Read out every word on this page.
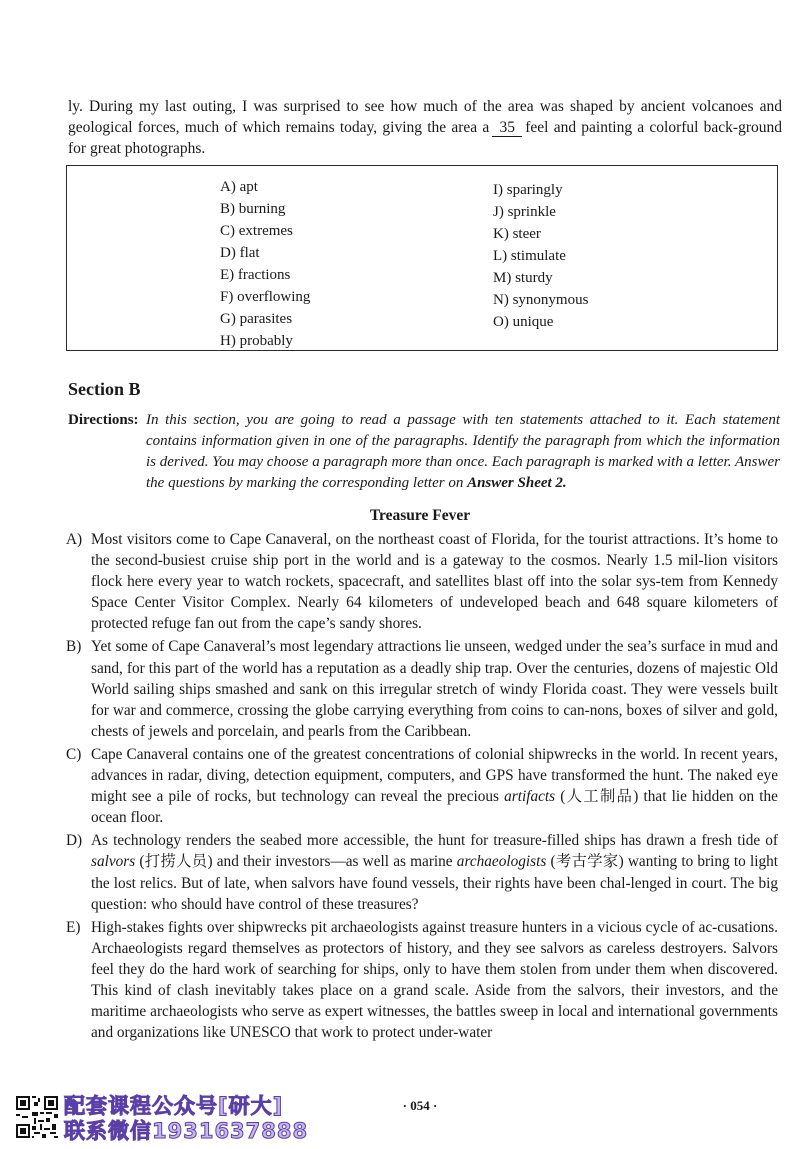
ly. During my last outing, I was surprised to see how much of the area was shaped by ancient volcanoes and geological forces, much of which remains today, giving the area a 35 feel and painting a colorful back-ground for great photographs.

A) apt
B) burning
C) extremes
D) flat
E) fractions
F) overflowing
G) parasites
H) probably
I) sparingly
J) sprinkle
K) steer
L) stimulate
M) sturdy
N) synonymous
O) unique
Section B
Directions: In this section, you are going to read a passage with ten statements attached to it. Each statement contains information given in one of the paragraphs. Identify the paragraph from which the information is derived. You may choose a paragraph more than once. Each paragraph is marked with a letter. Answer the questions by marking the corresponding letter on Answer Sheet 2.
Treasure Fever
A) Most visitors come to Cape Canaveral, on the northeast coast of Florida, for the tourist attractions. It’s home to the second-busiest cruise ship port in the world and is a gateway to the cosmos. Nearly 1.5 mil-lion visitors flock here every year to watch rockets, spacecraft, and satellites blast off into the solar sys-tem from Kennedy Space Center Visitor Complex. Nearly 64 kilometers of undeveloped beach and 648 square kilometers of protected refuge fan out from the cape’s sandy shores.
B) Yet some of Cape Canaveral’s most legendary attractions lie unseen, wedged under the sea’s surface in mud and sand, for this part of the world has a reputation as a deadly ship trap. Over the centuries, dozens of majestic Old World sailing ships smashed and sank on this irregular stretch of windy Florida coast. They were vessels built for war and commerce, crossing the globe carrying everything from coins to can-nons, boxes of silver and gold, chests of jewels and porcelain, and pearls from the Caribbean.
C) Cape Canaveral contains one of the greatest concentrations of colonial shipwrecks in the world. In recent years, advances in radar, diving, detection equipment, computers, and GPS have transformed the hunt. The naked eye might see a pile of rocks, but technology can reveal the precious artifacts (人工制品) that lie hidden on the ocean floor.
D) As technology renders the seabed more accessible, the hunt for treasure-filled ships has drawn a fresh tide of salvors (打捞人员) and their investors—as well as marine archaeologists (考古学家) wanting to bring to light the lost relics. But of late, when salvors have found vessels, their rights have been chal-lenged in court. The big question: who should have control of these treasures?
E) High-stakes fights over shipwrecks pit archaeologists against treasure hunters in a vicious cycle of ac-cusations. Archaeologists regard themselves as protectors of history, and they see salvors as careless destroyers. Salvors feel they do the hard work of searching for ships, only to have them stolen from under them when discovered. This kind of clash inevitably takes place on a grand scale. Aside from the salvors, their investors, and the maritime archaeologists who serve as expert witnesses, the battles sweep in local and international governments and organizations like UNESCO that work to protect under-water

· 054 ·

配套课程公众号[研大]
联系微信1931637888
